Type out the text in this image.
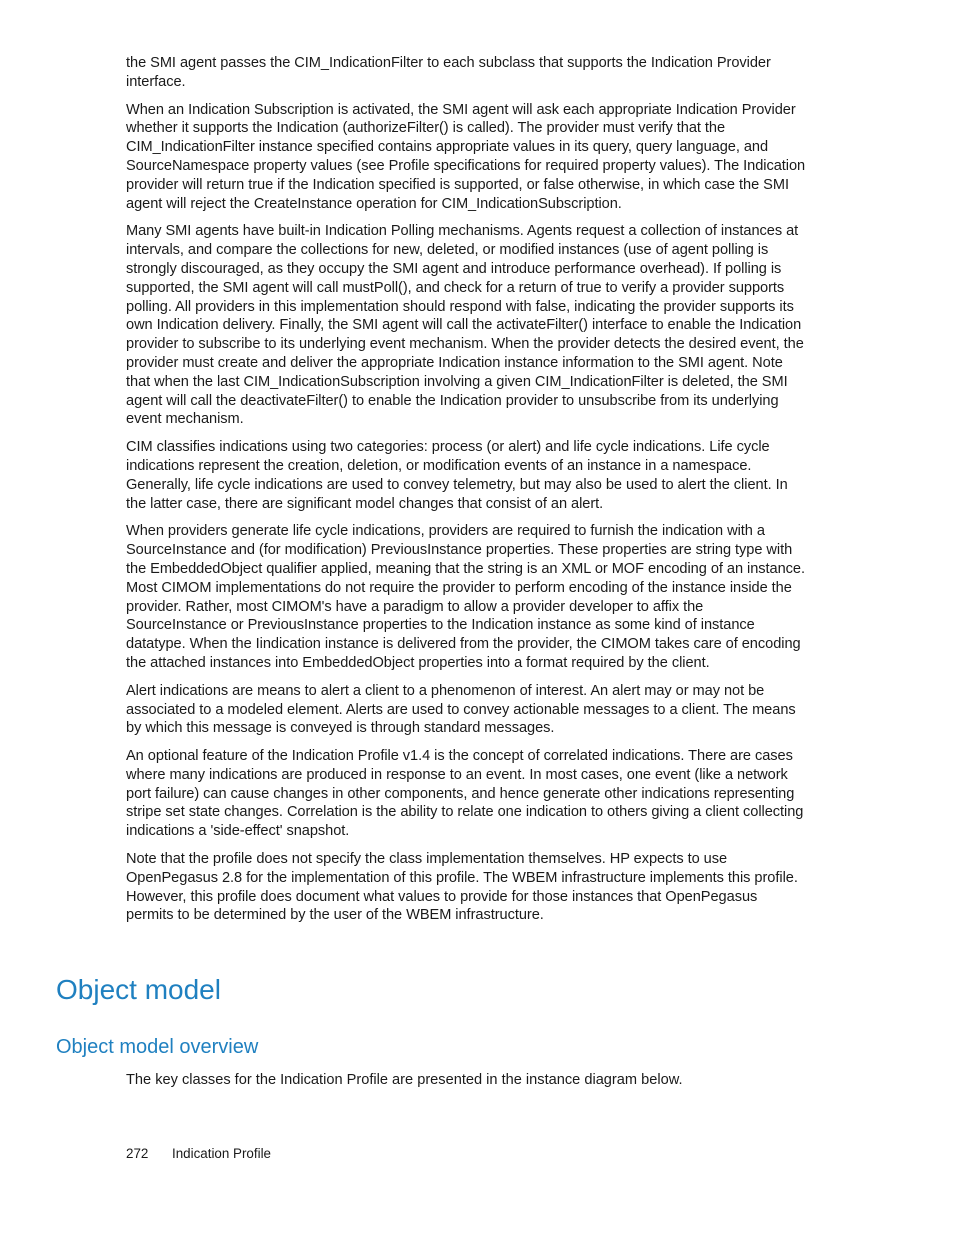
the SMI agent passes the CIM_IndicationFilter to each subclass that supports the Indication Provider interface.

When an Indication Subscription is activated, the SMI agent will ask each appropriate Indication Provider whether it supports the Indication (authorizeFilter() is called). The provider must verify that the CIM_IndicationFilter instance specified contains appropriate values in its query, query language, and SourceNamespace property values (see Profile specifications for required property values). The Indication provider will return true if the Indication specified is supported, or false otherwise, in which case the SMI agent will reject the CreateInstance operation for CIM_IndicationSubscription.

Many SMI agents have built-in Indication Polling mechanisms. Agents request a collection of instances at intervals, and compare the collections for new, deleted, or modified instances (use of agent polling is strongly discouraged, as they occupy the SMI agent and introduce performance overhead). If polling is supported, the SMI agent will call mustPoll(), and check for a return of true to verify a provider supports polling. All providers in this implementation should respond with false, indicating the provider supports its own Indication delivery. Finally, the SMI agent will call the activateFilter() interface to enable the Indication provider to subscribe to its underlying event mechanism. When the provider detects the desired event, the provider must create and deliver the appropriate Indication instance information to the SMI agent. Note that when the last CIM_IndicationSubscription involving a given CIM_IndicationFilter is deleted, the SMI agent will call the deactivateFilter() to enable the Indication provider to unsubscribe from its underlying event mechanism.

CIM classifies indications using two categories: process (or alert) and life cycle indications. Life cycle indications represent the creation, deletion, or modification events of an instance in a namespace. Generally, life cycle indications are used to convey telemetry, but may also be used to alert the client. In the latter case, there are significant model changes that consist of an alert.

When providers generate life cycle indications, providers are required to furnish the indication with a SourceInstance and (for modification) PreviousInstance properties. These properties are string type with the EmbeddedObject qualifier applied, meaning that the string is an XML or MOF encoding of an instance. Most CIMOM implementations do not require the provider to perform encoding of the instance inside the provider. Rather, most CIMOM's have a paradigm to allow a provider developer to affix the SourceInstance or PreviousInstance properties to the Indication instance as some kind of instance datatype. When the Iindication instance is delivered from the provider, the CIMOM takes care of encoding the attached instances into EmbeddedObject properties into a format required by the client.

Alert indications are means to alert a client to a phenomenon of interest. An alert may or may not be associated to a modeled element. Alerts are used to convey actionable messages to a client. The means by which this message is conveyed is through standard messages.

An optional feature of the Indication Profile v1.4 is the concept of correlated indications. There are cases where many indications are produced in response to an event. In most cases, one event (like a network port failure) can cause changes in other components, and hence generate other indications representing stripe set state changes. Correlation is the ability to relate one indication to others giving a client collecting indications a 'side-effect' snapshot.

Note that the profile does not specify the class implementation themselves. HP expects to use OpenPegasus 2.8 for the implementation of this profile. The WBEM infrastructure implements this profile. However, this profile does document what values to provide for those instances that OpenPegasus permits to be determined by the user of the WBEM infrastructure.

Object model
Object model overview

The key classes for the Indication Profile are presented in the instance diagram below.

272 Indication Profile
